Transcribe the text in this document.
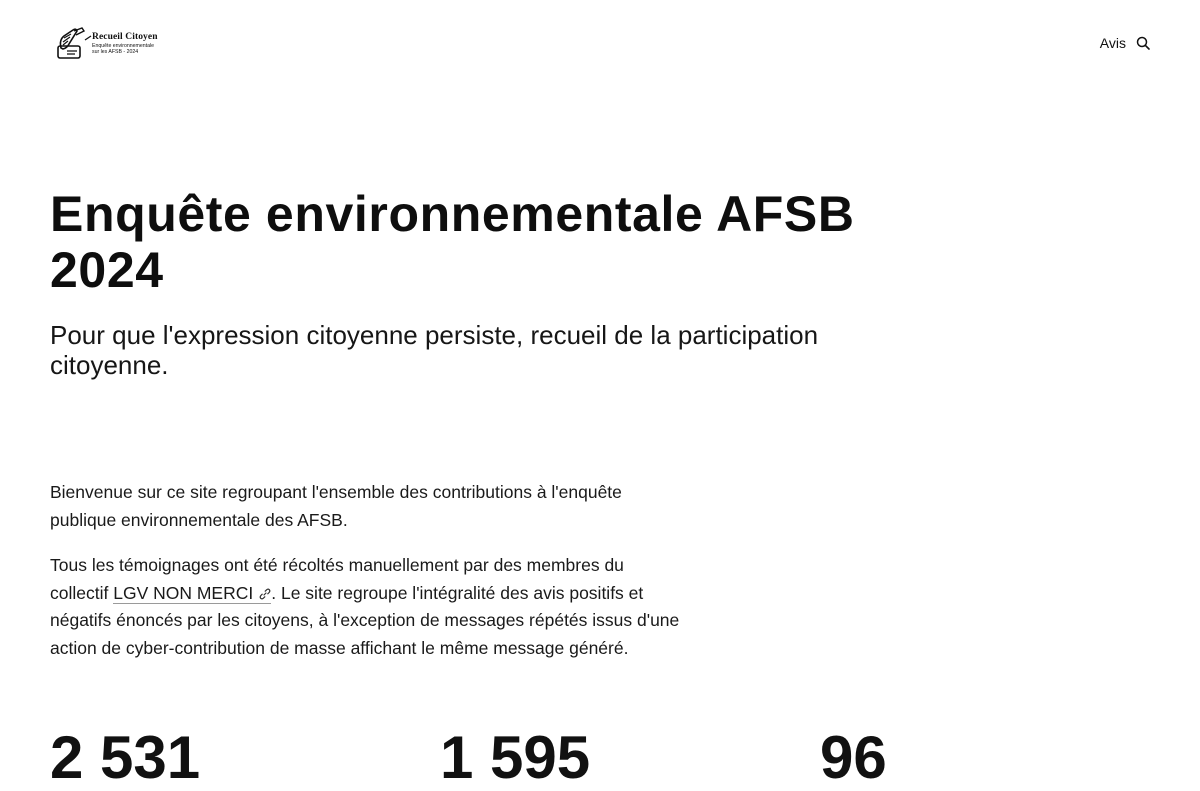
Recueil Citoyen
Enquête environnementale
sur les AFSB - 2024
Avis
Enquête environnementale AFSB 2024

Pour que l'expression citoyenne persiste, recueil de la participation citoyenne.

Bienvenue sur ce site regroupant l'ensemble des contributions à l'enquête publique environnementale des AFSB.

Tous les témoignages ont été récoltés manuellement par des membres du collectif LGV NON MERCI . Le site regroupe l'intégralité des avis positifs et négatifs énoncés par les citoyens, à l'exception de messages répétés issus d'une action de cyber-contribution de masse affichant le même message généré.

2 531	1 595	96
